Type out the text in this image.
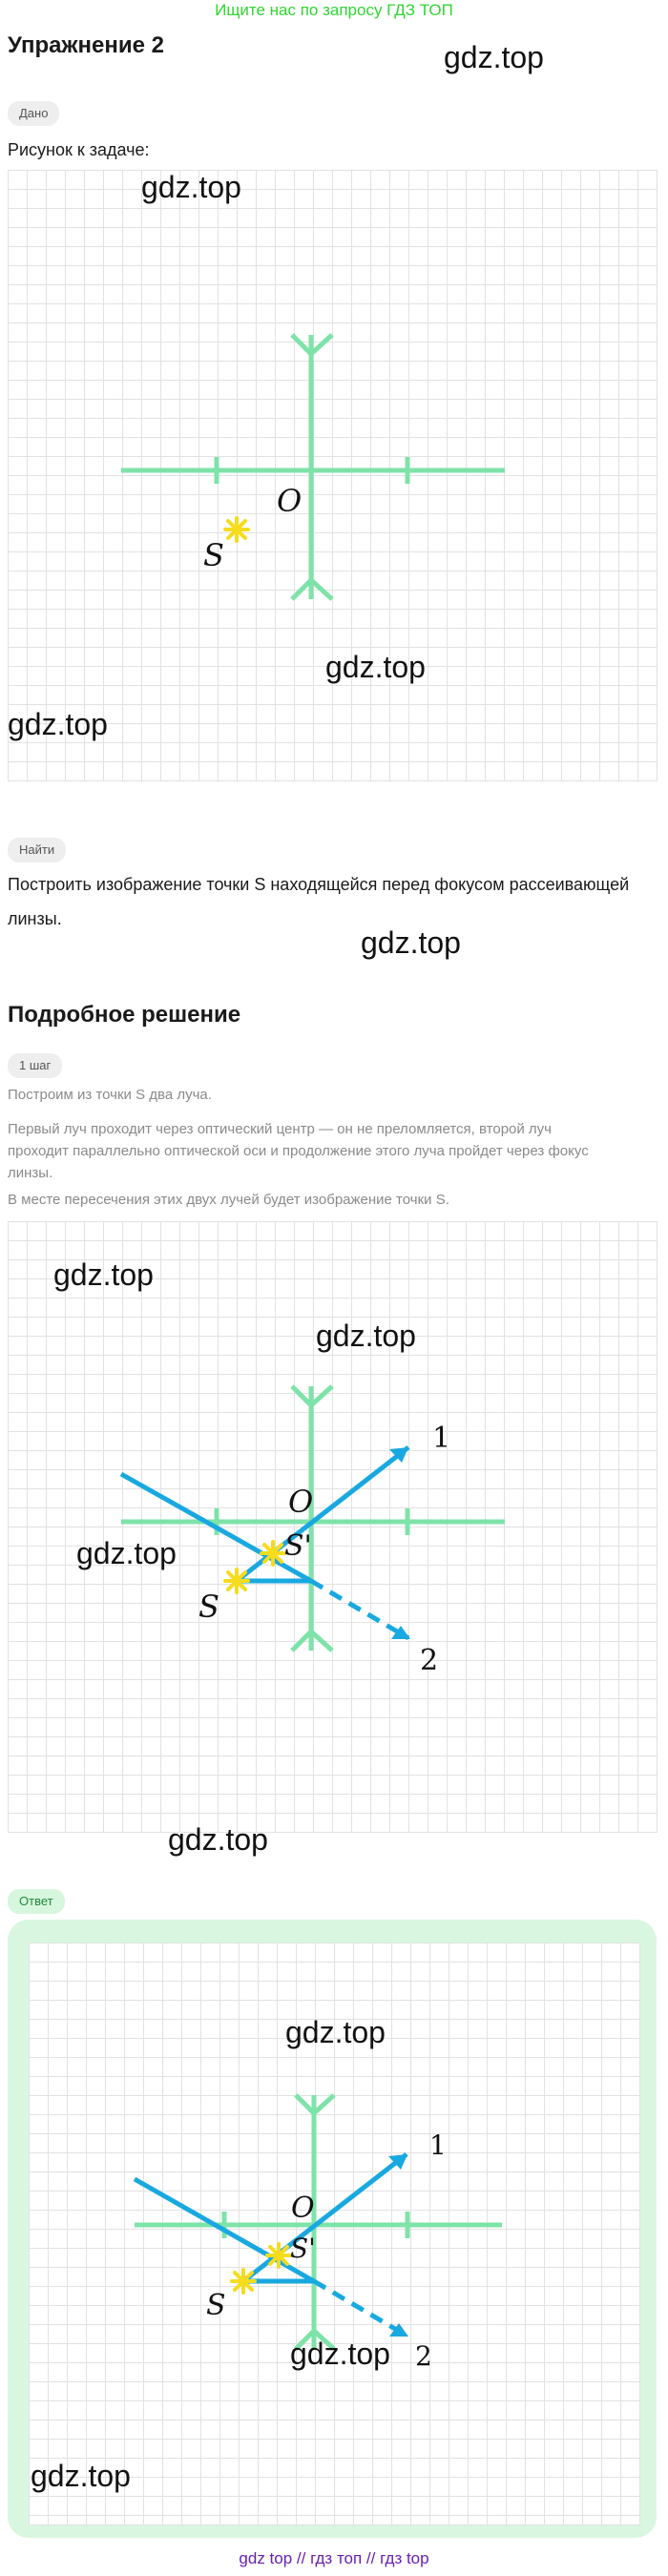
Ищите нас по запросу ГДЗ ТОП
Упражнение 2	gdz.top
Дано
Рисунок к задаче:
O
S
gdz.top
gdz.top
gdz.top
Найти
Построить изображение точки S находящейся перед фокусом рассеивающей
линзы.
gdz.top
Подробное решение
1 шаг
Построим из точки S два луча.
Первый луч проходит через оптический центр — он не преломляется, второй луч
проходит параллельно оптической оси и продолжение этого луча пройдет через фокус
линзы.
В месте пересечения этих двух лучей будет изображение точки S.
O
S'
S
1
2
gdz.top
gdz.top
gdz.top
gdz.top
Ответ
O
S'
S
1
2
gdz.top
gdz.top
gdz.top
gdz top // гдз топ // гдз top
